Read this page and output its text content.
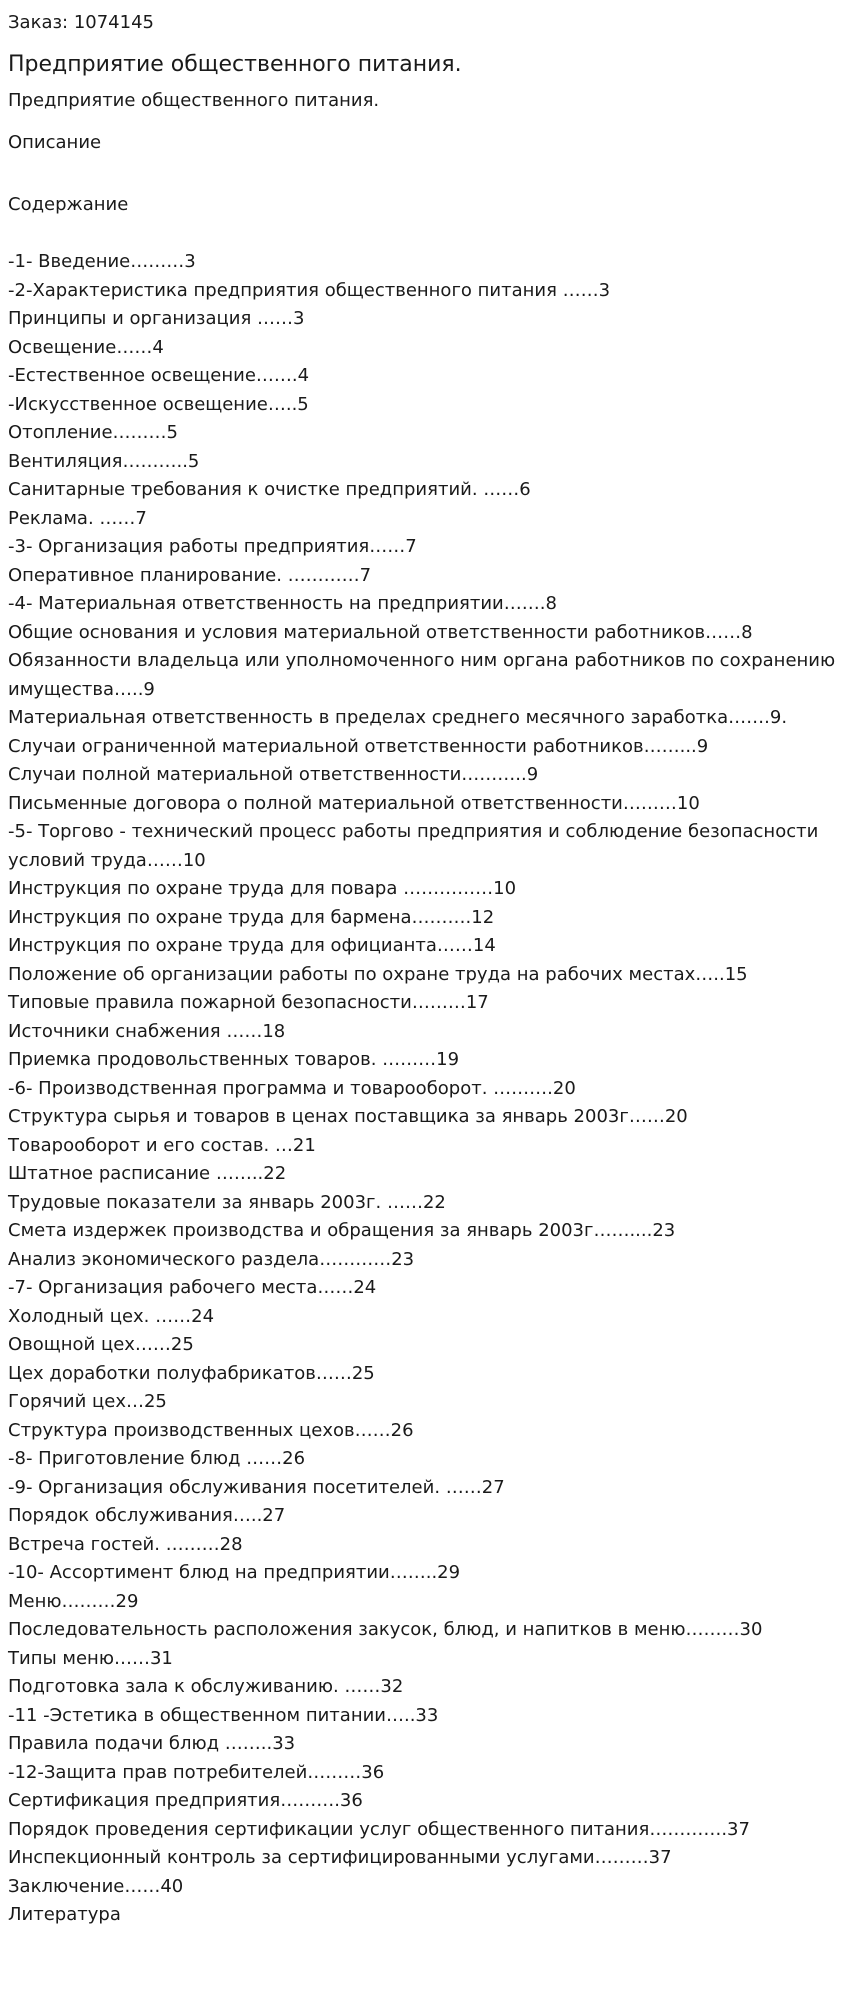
Заказ: 1074145
Предприятие общественного питания.
Предприятие общественного питания.
Описание
Содержание
-1- Введение………3
-2-Характеристика предприятия общественного питания ……3
Принципы и организация ……3
Освещение……4
-Естественное освещение…….4
-Искусственное освещение…..5
Отопление………5
Вентиляция………..5
Санитарные требования к очистке предприятий. ……6
Реклама. ……7
-3- Организация работы предприятия……7
Оперативное планирование. …………7
-4- Материальная ответственность на предприятии…….8
Общие основания и условия материальной ответственности работников……8
Обязанности владельца или уполномоченного ним органа работников по сохранению имущества…..9
Материальная ответственность в пределах среднего месячного заработка…….9.
Случаи ограниченной материальной ответственности работников……...9
Случаи полной материальной ответственности………..9
Письменные договора о полной материальной ответственности………10
-5- Торгово - технический процесс работы предприятия и соблюдение безопасности условий труда……10
Инструкция по охране труда для повара ……………10
Инструкция по охране труда для бармена……….12
Инструкция по охране труда для официанта……14
Положение об организации работы по охране труда на рабочих местах…..15
Типовые правила пожарной безопасности………17
Источники снабжения ……18
Приемка продовольственных товаров. ………19
-6- Производственная программа и товарооборот. ……….20
Структура сырья и товаров в ценах поставщика за январь 2003г……20
Товарооборот и его состав. …21
Штатное расписание ……..22
Трудовые показатели за январь 2003г. ……22
Смета издержек производства и обращения за январь 2003г……....23
Анализ экономического раздела…………23
-7- Организация рабочего места……24
Холодный цех. ……24
Овощной цех……25
Цех доработки полуфабрикатов……25
Горячий цех…25
Структура производственных цехов……26
-8- Приготовление блюд ……26
-9- Организация обслуживания посетителей. ……27
Порядок обслуживания…..27
Встреча гостей. ………28
-10- Ассортимент блюд на предприятии……..29
Меню………29
Последовательность расположения закусок, блюд, и напитков в меню………30
Типы меню……31
Подготовка зала к обслуживанию. ……32
-11 -Эстетика в общественном питании…..33
Правила подачи блюд ……..33
-12-Защита прав потребителей………36
Сертификация предприятия……….36
Порядок проведения сертификации услуг общественного питания………….37
Инспекционный контроль за сертифицированными услугами………37
Заключение……40
Литература
